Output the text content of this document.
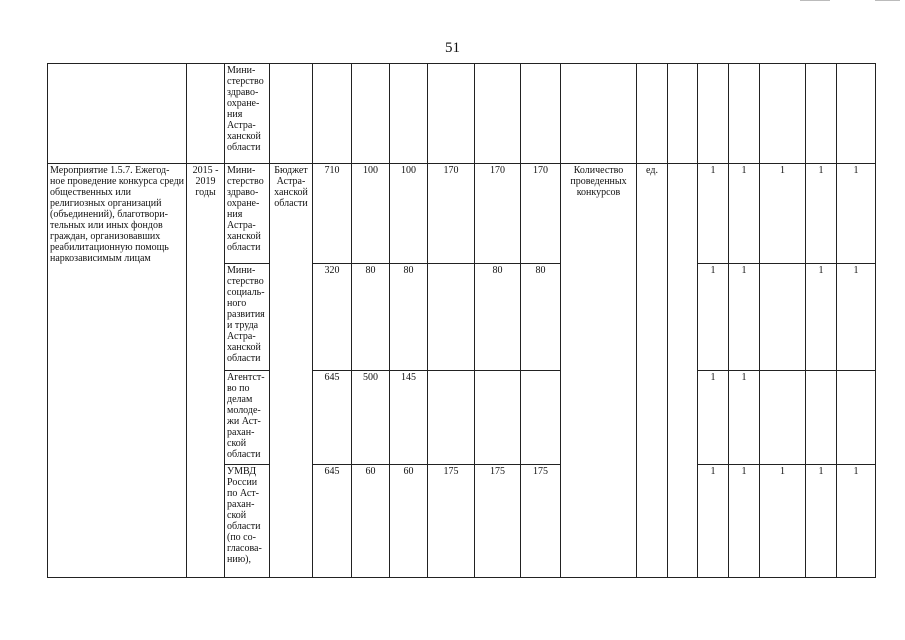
51
		Мини-стерство здраво-охране-ния Астра-ханской области															
Мероприятие 1.5.7. Ежегод-ное проведение конкурса среди общественных или религиозных организаций (объединений), благотвори-тельных или иных фондов граждан, организовавших реабилитационную помощь наркозависимым лицам	2015 - 2019 годы	Мини-стерство здраво-охране-ния Астра-ханской области	Бюджет Астра-ханской области	710	100	100	170	170	170	Количество проведенных конкурсов	ед.		1	1	1	1	1
		Мини-стерство социаль-ного развития и труда Астра-ханской области		320	80	80		80	80				1	1		1	1
		Агентст-во по делам молоде-жи Аст-рахан-ской области		645	500	145							1	1			
		УМВД России по Аст-рахан-ской области (по со-гласова-нию),		645	60	60	175	175	175				1	1	1	1	1
